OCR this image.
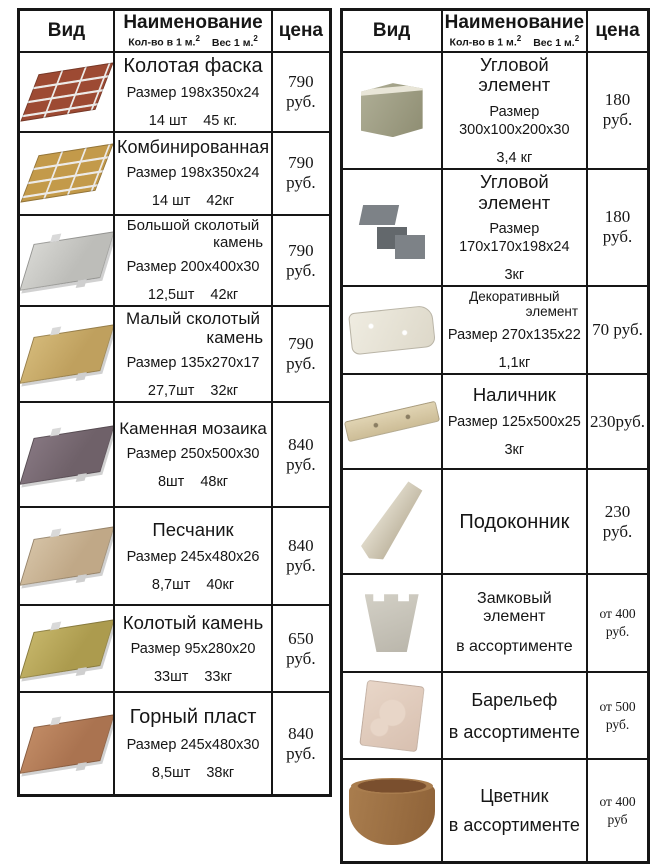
Вид	Наименование
Кол-во в 1 м.$^2$ Вес 1 м.$^2$	цена

	Колотая фаска
Размер 198х350х24
14 шт 45 кг.	790 руб.

	Комбинированная
Размер 198х350х24
14 шт 42кг	790 руб.

	Большой сколотый
камень
Размер 200х400х30
12,5шт 42кг	790 руб.

	Малый сколотый
камень
Размер 135х270х17
27,7шт 32кг	790 руб.

	Каменная мозаика
Размер 250х500х30
8шт 48кг	840 руб.

	Песчаник
Размер 245х480х26
8,7шт 40кг	840 руб.

	Колотый камень
Размер 95х280х20
33шт 33кг	650 руб.

	Горный пласт
Размер 245х480х30
8,5шт 38кг	840 руб.
Вид	Наименование
Кол-во в 1 м.$^2$ Вес 1 м.$^2$	цена

	Угловой элемент
Размер
300х100х200х30
3,4 кг	180 руб.

	Угловой элемент
Размер
170х170х198х24
3кг	180 руб.

	Декоративный
элемент
Размер 270х135х22
1,1кг	70 руб.

	Наличник
Размер 125х500х25
3кг	230руб.

	Подоконник	230 руб.

	Замковый элемент
в ассортименте	от 400 руб.

	Барельеф
в ассортименте	от 500 руб.

	Цветник
в ассортименте	от 400 руб
